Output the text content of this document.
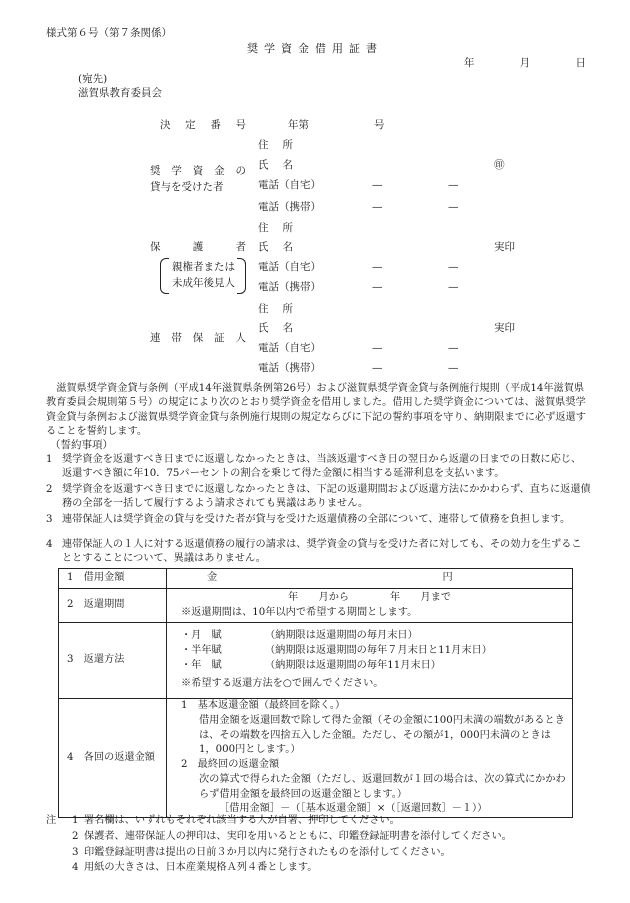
様式第６号（第７条関係）
奨学資金借用証書
年	月	日
(宛先)
滋賀県教育委員会
決定番号	年第	号
住所
奨学資金の 氏名	㊞
貸与を受けた者	電話（自宅）	—	—
電話（携帯）	—	—
住所
保護者 氏名	実印
親権者または 電話（自宅）	—	—
未成年後見人 電話（携帯）	—	—
住所
氏名	実印
連帯保証人
電話（自宅）	—	—
電話（携帯）	—	—

滋賀県奨学資金貸与条例（平成14年滋賀県条例第26号）および滋賀県奨学資金貸与条例施行規則（平成14年滋賀県教育委員会規則第５号）の規定により次のとおり奨学資金を借用しました。借用した奨学資金については、滋賀県奨学資金貸与条例および滋賀県奨学資金貸与条例施行規則の規定ならびに下記の誓約事項を守り、納期限までに必ず返還することを誓約します。

（誓約事項）
1 奨学資金を返還すべき日までに返還しなかったときは、当該返還すべき日の翌日から返還の日までの日数に応じ、返還すべき額に年10．75パーセントの割合を乗じて得た金額に相当する延滞利息を支払います。
2 奨学資金を返還すべき日までに返還しなかったときは、下記の返還期間および返還方法にかかわらず、直ちに返還債務の全部を一括して履行するよう請求されても異議はありません。
3 連帯保証人は奨学資金の貸与を受けた者が貸与を受けた返還債務の全部について、連帯して債務を負担します。
4 連帯保証人の１人に対する返還債務の履行の請求は、奨学資金の貸与を受けた者に対しても、その効力を生ずることとすることについて、異議はありません。
1　借用金額	金 円
2　返還期間	年　　月から　　　　年　　月まで
※返還期間は、10年以内で希望する期間とします。

3　返還方法	・月　賦 （納期限は返還期間の毎月末日）
・半年賦 （納期限は返還期間の毎年７月末日と11月末日）
・年　賦 （納期限は返還期間の毎年11月末日）
※希望する返還方法を○で囲んでください。

4　各回の返還金額	1　基本返還金額（最終回を除く。）
借用金額を返還回数で除して得た金額（その金額に100円未満の端数があるときは、その端数を四捨五入した金額。ただし、その額が1，000円未満のときは1，000円とします。）
2　最終回の返還金額
次の算式で得られた金額（ただし、返還回数が１回の場合は、次の算式にかかわらず借用金額を最終回の返還金額とします。）
［借用金額］－（［基本返還金額］×（［返還回数］－１））
注 1 署名欄は、いずれもそれぞれ該当する人が自署、押印してください。
2 保護者、連帯保証人の押印は、実印を用いるとともに、印鑑登録証明書を添付してください。
3 印鑑登録証明書は提出の日前３か月以内に発行されたものを添付してください。
4 用紙の大きさは、日本産業規格Ａ列４番とします。
